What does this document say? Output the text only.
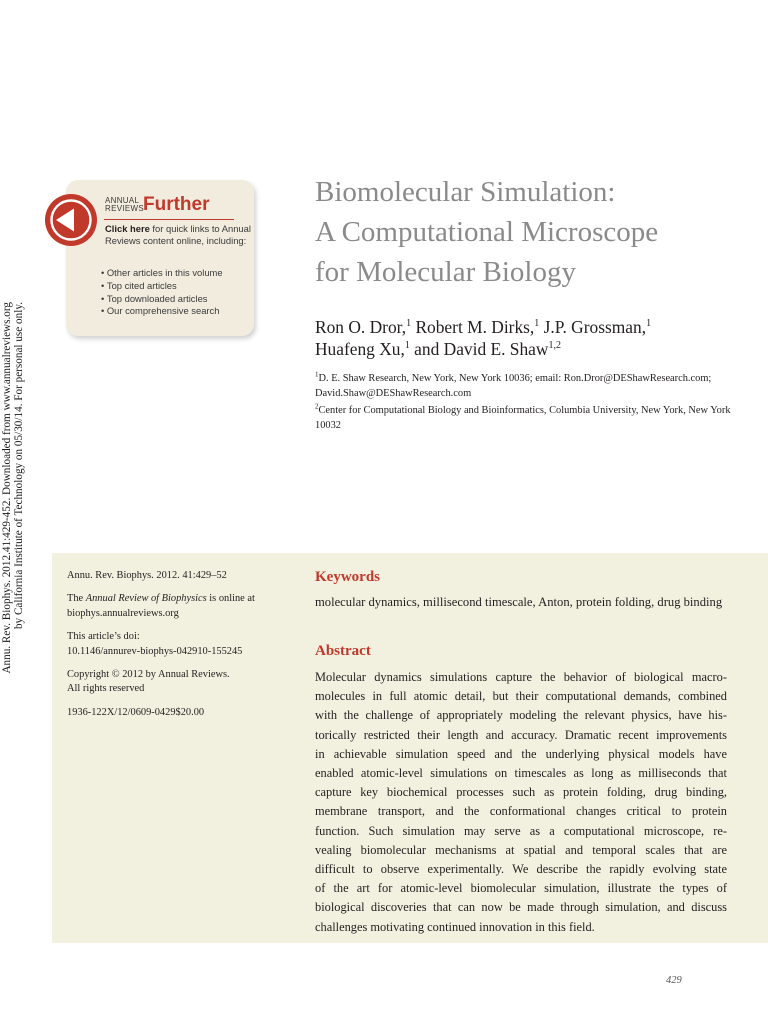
Annu. Rev. Biophys. 2012.41:429-452. Downloaded from www.annualreviews.org by California Institute of Technology on 05/30/14. For personal use only.
ANNUAL
REVIEWS Further
Click here for quick links to Annual Reviews content online, including:
• Other articles in this volume
• Top cited articles
• Top downloaded articles
• Our comprehensive search
Biomolecular Simulation:
A Computational Microscope
for Molecular Biology
Ron O. Dror,$^1$ Robert M. Dirks,$^1$ J.P. Grossman,$^1$
Huafeng Xu,$^1$ and David E. Shaw$^{1,2}$

$^1$D. E. Shaw Research, New York, New York 10036; email: Ron.Dror@DEShawResearch.com; David.Shaw@DEShawResearch.com

$^2$Center for Computational Biology and Bioinformatics, Columbia University, New York, New York 10032

Annu. Rev. Biophys. 2012. 41:429–52

The Annual Review of Biophysics is online at biophys.annualreviews.org

This article’s doi:
10.1146/annurev-biophys-042910-155245

Copyright © 2012 by Annual Reviews.
All rights reserved

1936-122X/12/0609-0429$20.00

Keywords
molecular dynamics, millisecond timescale, Anton, protein folding, drug binding
Abstract
Molecular dynamics simulations capture the behavior of biological macro-
molecules in full atomic detail, but their computational demands, combined
with the challenge of appropriately modeling the relevant physics, have his-
torically restricted their length and accuracy. Dramatic recent improvements
in achievable simulation speed and the underlying physical models have
enabled atomic-level simulations on timescales as long as milliseconds that
capture key biochemical processes such as protein folding, drug binding,
membrane transport, and the conformational changes critical to protein
function. Such simulation may serve as a computational microscope, re-
vealing biomolecular mechanisms at spatial and temporal scales that are
difficult to observe experimentally. We describe the rapidly evolving state
of the art for atomic-level biomolecular simulation, illustrate the types of
biological discoveries that can now be made through simulation, and discuss
challenges motivating continued innovation in this field.
429
